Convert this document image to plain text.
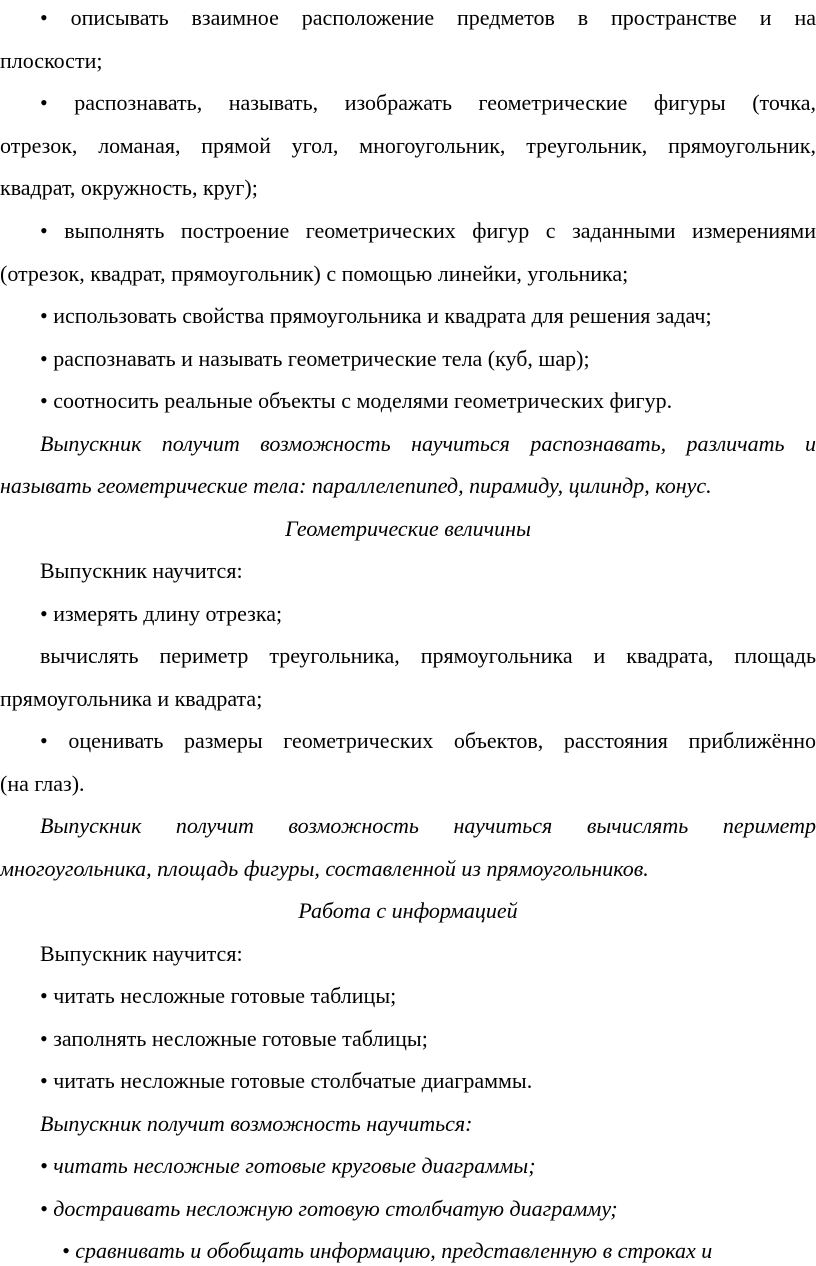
• описывать взаимное расположение предметов в пространстве и на

плоскости;

• распознавать, называть, изображать геометрические фигуры (точка,

отрезок, ломаная, прямой угол, многоугольник, треугольник, прямоугольник,

квадрат, окружность, круг);

• выполнять построение геометрических фигур с заданными измерениями

(отрезок, квадрат, прямоугольник) с помощью линейки, угольника;

• использовать свойства прямоугольника и квадрата для решения задач;

• распознавать и называть геометрические тела (куб, шар);

• соотносить реальные объекты с моделями геометрических фигур.

Выпускник получит возможность научиться распознавать, различать и

называть геометрические тела: параллелепипед, пирамиду, цилиндр, конус.

Геометрические величины

Выпускник научится:

• измерять длину отрезка;

вычислять периметр треугольника, прямоугольника и квадрата, площадь

прямоугольника и квадрата;

• оценивать размеры геометрических объектов, расстояния приближённо

(на глаз).

Выпускник получит возможность научиться вычислять периметр

многоугольника, площадь фигуры, составленной из прямоугольников.

Работа с информацией

Выпускник научится:

• читать несложные готовые таблицы;

• заполнять несложные готовые таблицы;

• читать несложные готовые столбчатые диаграммы.

Выпускник получит возможность научиться:

• читать несложные готовые круговые диаграммы;

• достраивать несложную готовую столбчатую диаграмму;

• сравнивать и обобщать информацию, представленную в строках и
